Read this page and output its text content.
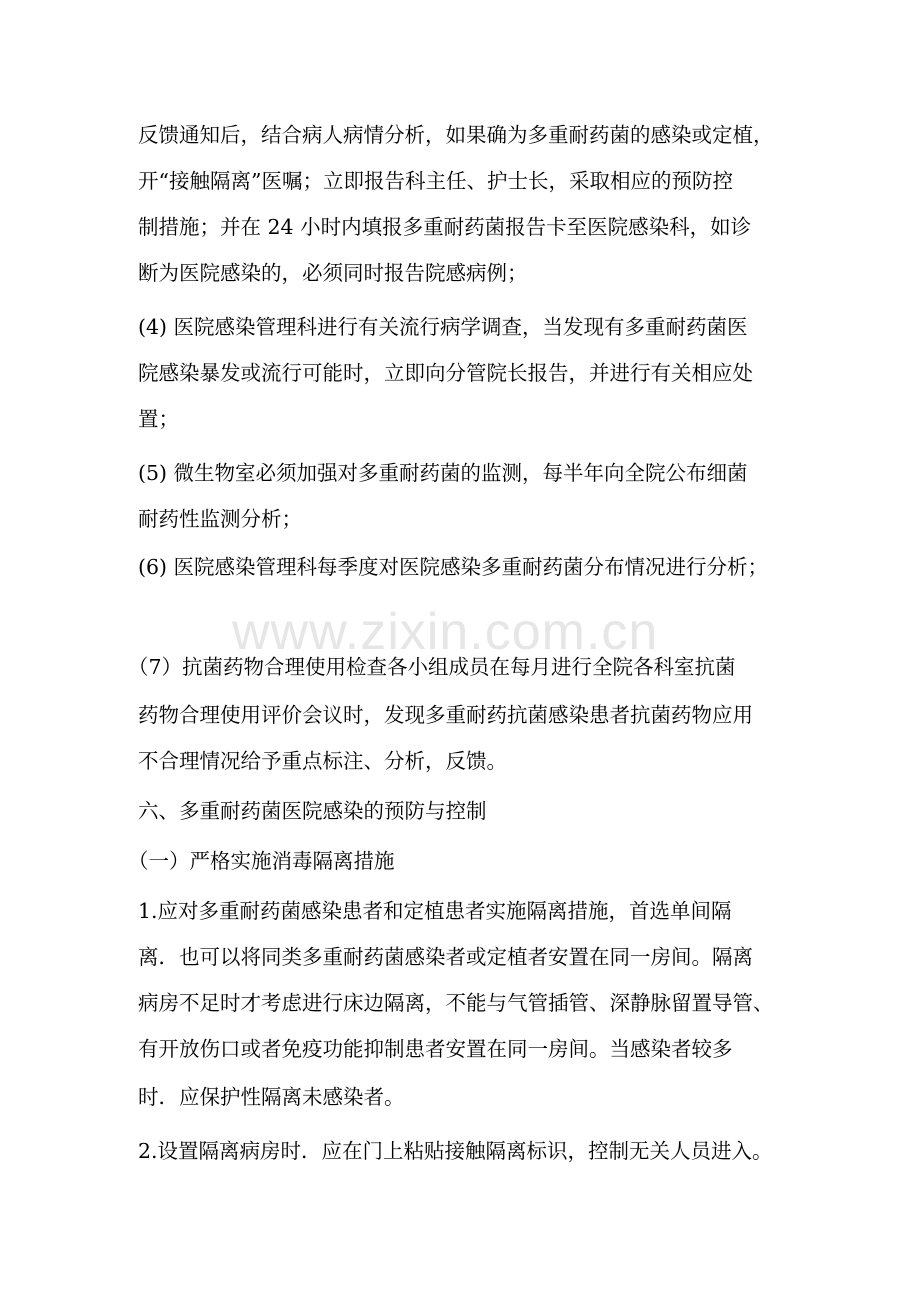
www.zixin.com.cn
反馈通知后，结合病人病情分析，如果确为多重耐药菌的感染或定植，
开“接触隔离”医嘱；立即报告科主任、护士长，采取相应的预防控
制措施；并在 24 小时内填报多重耐药菌报告卡至医院感染科，如诊
断为医院感染的，必须同时报告院感病例；
(4) 医院感染管理科进行有关流行病学调查，当发现有多重耐药菌医
院感染暴发或流行可能时，立即向分管院长报告，并进行有关相应处
置；
(5) 微生物室必须加强对多重耐药菌的监测，每半年向全院公布细菌
耐药性监测分析；
(6) 医院感染管理科每季度对医院感染多重耐药菌分布情况进行分析；
（7）抗菌药物合理使用检查各小组成员在每月进行全院各科室抗菌
药物合理使用评价会议时，发现多重耐药抗菌感染患者抗菌药物应用
不合理情况给予重点标注、分析，反馈。
六、多重耐药菌医院感染的预防与控制
（一）严格实施消毒隔离措施
1.应对多重耐药菌感染患者和定植患者实施隔离措施，首选单间隔
离．也可以将同类多重耐药菌感染者或定植者安置在同一房间。隔离
病房不足时才考虑进行床边隔离，不能与气管插管、深静脉留置导管、
有开放伤口或者免疫功能抑制患者安置在同一房间。当感染者较多
时．应保护性隔离未感染者。
2.设置隔离病房时．应在门上粘贴接触隔离标识，控制无关人员进入。
